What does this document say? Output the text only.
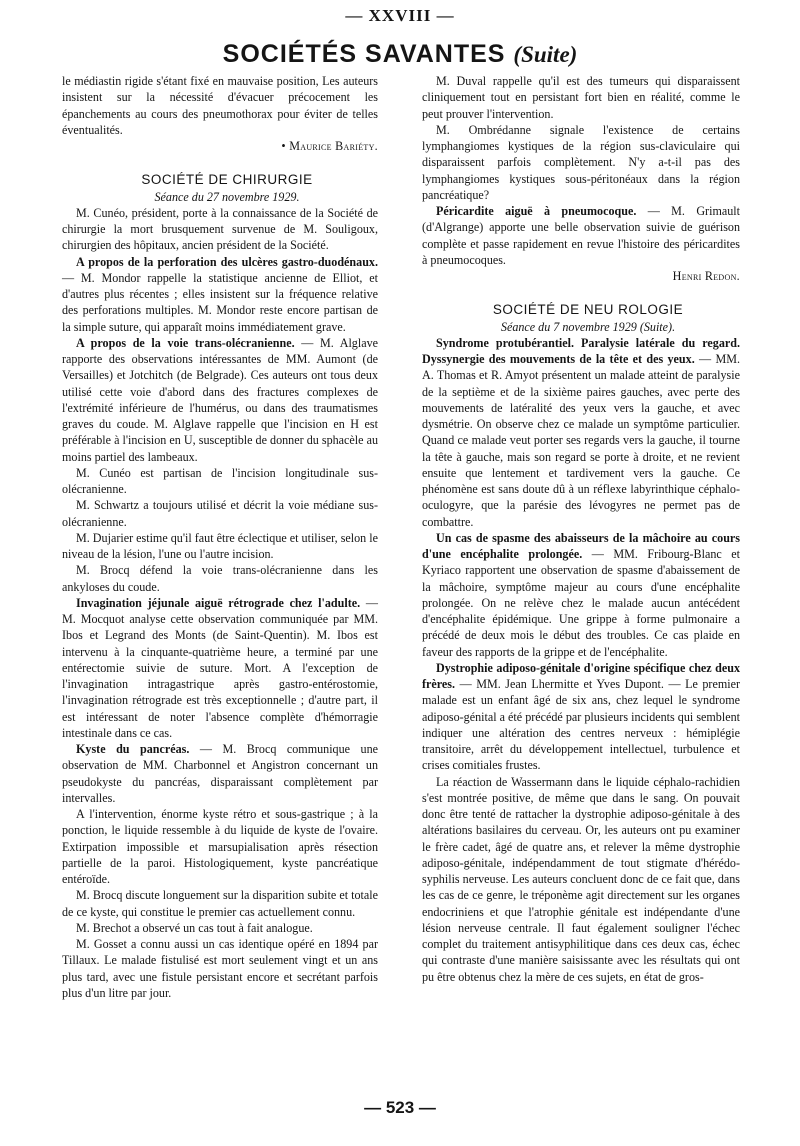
— XXVIII —
SOCIÉTÉS SAVANTES (Suite)

le médiastin rigide s'étant fixé en mauvaise position, Les auteurs insistent sur la nécessité d'évacuer précocement les épanchements au cours des pneumothorax pour éviter de telles éventualités.

• Maurice Bariéty.

SOCIÉTÉ DE CHIRURGIE

Séance du 27 novembre 1929.

M. Cunéo, président, porte à la connaissance de la Société de chirurgie la mort brusquement survenue de M. Souligoux, chirurgien des hôpitaux, ancien président de la Société.

A propos de la perforation des ulcères gastro-duodénaux. — M. Mondor rappelle la statistique ancienne de Elliot, et d'autres plus récentes ; elles insistent sur la fréquence relative des perforations multiples. M. Mondor reste encore partisan de la simple suture, qui apparaît moins immédiatement grave.

A propos de la voie trans-olécranienne. — M. Alglave rapporte des observations intéressantes de MM. Aumont (de Versailles) et Jotchitch (de Belgrade). Ces auteurs ont tous deux utilisé cette voie d'abord dans des fractures complexes de l'extrémité inférieure de l'humérus, ou dans des traumatismes graves du coude. M. Alglave rappelle que l'incision en H est préférable à l'incision en U, susceptible de donner du sphacèle au moins partiel des lambeaux.

M. Cunéo est partisan de l'incision longitudinale sus-olécranienne.

M. Schwartz a toujours utilisé et décrit la voie médiane sus-olécranienne.

M. Dujarier estime qu'il faut être éclectique et utiliser, selon le niveau de la lésion, l'une ou l'autre incision.

M. Brocq défend la voie trans-olécranienne dans les ankyloses du coude.

Invagination jéjunale aiguë rétrograde chez l'adulte. — M. Mocquot analyse cette observation communiquée par MM. Ibos et Legrand des Monts (de Saint-Quentin). M. Ibos est intervenu à la cinquante-quatrième heure, a terminé par une entérectomie suivie de suture. Mort. A l'exception de l'invagination intragastrique après gastro-entérostomie, l'invagination rétrograde est très exceptionnelle ; d'autre part, il est intéressant de noter l'absence complète d'hémorragie intestinale dans ce cas.

Kyste du pancréas. — M. Brocq communique une observation de MM. Charbonnel et Angistron concernant un pseudokyste du pancréas, disparaissant complètement par intervalles.

A l'intervention, énorme kyste rétro et sous-gastrique ; à la ponction, le liquide ressemble à du liquide de kyste de l'ovaire. Extirpation impossible et marsupialisation après résection partielle de la paroi. Histologiquement, kyste pancréatique entéroïde.

M. Brocq discute longuement sur la disparition subite et totale de ce kyste, qui constitue le premier cas actuellement connu.

M. Brechot a observé un cas tout à fait analogue.

M. Gosset a connu aussi un cas identique opéré en 1894 par Tillaux. Le malade fistulisé est mort seulement vingt et un ans plus tard, avec une fistule persistant encore et secrétant parfois plus d'un litre par jour.

M. Duval rappelle qu'il est des tumeurs qui disparaissent cliniquement tout en persistant fort bien en réalité, comme le peut prouver l'intervention.

M. Ombrédanne signale l'existence de certains lymphangiomes kystiques de la région sus-claviculaire qui disparaissent parfois complètement. N'y a-t-il pas des lymphangiomes kystiques sous-péritonéaux dans la région pancréatique?

Péricardite aiguë à pneumocoque. — M. Grimault (d'Algrange) apporte une belle observation suivie de guérison complète et passe rapidement en revue l'histoire des péricardites à pneumocoques.

Henri Redon.

SOCIÉTÉ DE NEU ROLOGIE

Séance du 7 novembre 1929 (Suite).

Syndrome protubérantiel. Paralysie latérale du regard. Dyssynergie des mouvements de la tête et des yeux. — MM. A. Thomas et R. Amyot présentent un malade atteint de paralysie de la septième et de la sixième paires gauches, avec perte des mouvements de latéralité des yeux vers la gauche, et avec dysmétrie. On observe chez ce malade un symptôme particulier. Quand ce malade veut porter ses regards vers la gauche, il tourne la tête à gauche, mais son regard se porte à droite, et ne revient ensuite que lentement et tardivement vers la gauche. Ce phénomène est sans doute dû à un réflexe labyrinthique céphalo-oculogyre, que la parésie des lévogyres ne permet pas de combattre.

Un cas de spasme des abaisseurs de la mâchoire au cours d'une encéphalite prolongée. — MM. Fribourg-Blanc et Kyriaco rapportent une observation de spasme d'abaissement de la mâchoire, symptôme majeur au cours d'une encéphalite prolongée. On ne relève chez le malade aucun antécédent d'encéphalite épidémique. Une grippe à forme pulmonaire a précédé de deux mois le début des troubles. Ce cas plaide en faveur des rapports de la grippe et de l'encéphalite.

Dystrophie adiposo-génitale d'origine spécifique chez deux frères. — MM. Jean Lhermitte et Yves Dupont. — Le premier malade est un enfant âgé de six ans, chez lequel le syndrome adiposo-génital a été précédé par plusieurs incidents qui semblent indiquer une altération des centres nerveux : hémiplégie transitoire, arrêt du développement intellectuel, turbulence et crises comitiales frustes.

La réaction de Wassermann dans le liquide céphalo-rachidien s'est montrée positive, de même que dans le sang. On pouvait donc être tenté de rattacher la dystrophie adiposo-génitale à des altérations basilaires du cerveau. Or, les auteurs ont pu examiner le frère cadet, âgé de quatre ans, et relever la même dystrophie adiposo-génitale, indépendamment de tout stigmate d'hérédo-syphilis nerveuse. Les auteurs concluent donc de ce fait que, dans les cas de ce genre, le tréponème agit directement sur les organes endocriniens et que l'atrophie génitale est indépendante d'une lésion nerveuse centrale. Il faut également souligner l'échec complet du traitement antisyphilitique dans ces deux cas, échec qui contraste d'une manière saisissante avec les résultats qui ont pu être obtenus chez la mère de ces sujets, en état de gros-

— 523 —
